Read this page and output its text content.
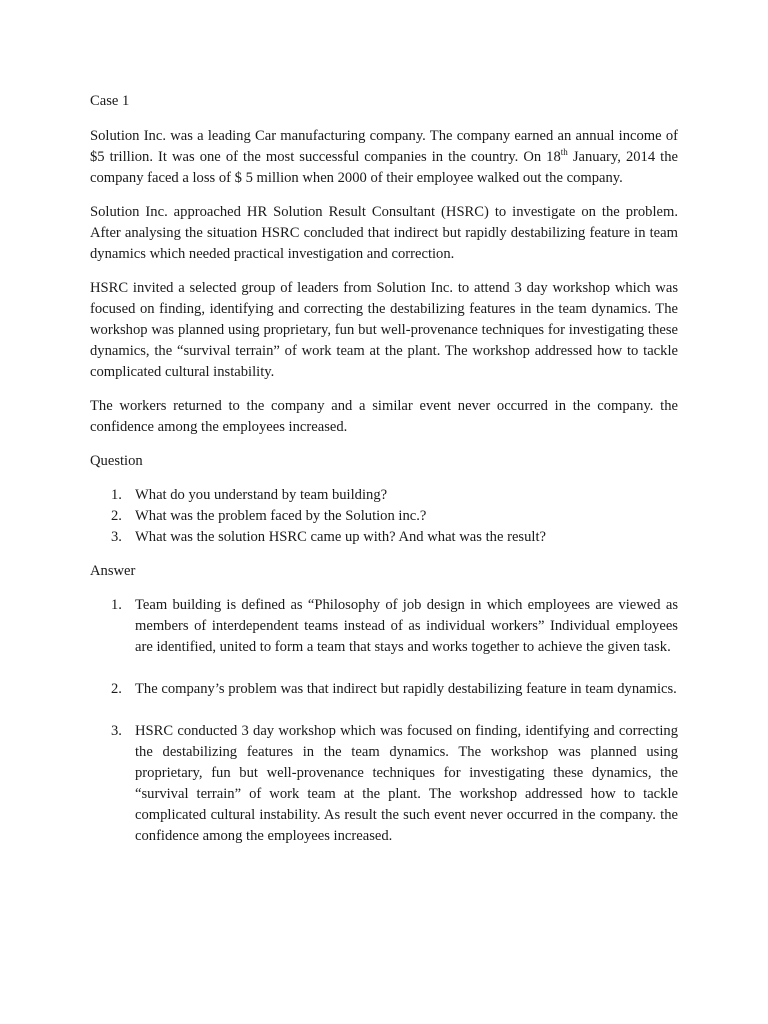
Case 1

Solution Inc. was a leading Car manufacturing company. The company earned an annual income of $5 trillion. It was one of the most successful companies in the country. On 18th January, 2014 the company faced a loss of $ 5 million when 2000 of their employee walked out the company.

Solution Inc. approached HR Solution Result Consultant (HSRC) to investigate on the problem. After analysing the situation HSRC concluded that indirect but rapidly destabilizing feature in team dynamics which needed practical investigation and correction.

HSRC invited a selected group of leaders from Solution Inc. to attend 3 day workshop which was focused on finding, identifying and correcting the destabilizing features in the team dynamics. The workshop was planned using proprietary, fun but well-provenance techniques for investigating these dynamics, the “survival terrain” of work team at the plant. The workshop addressed how to tackle complicated cultural instability.

The workers returned to the company and a similar event never occurred in the company. the confidence among the employees increased.

Question

1. What do you understand by team building?
2. What was the problem faced by the Solution inc.?
3. What was the solution HSRC came up with? And what was the result?

Answer

1. Team building is defined as “Philosophy of job design in which employees are viewed as members of interdependent teams instead of as individual workers” Individual employees are identified, united to form a team that stays and works together to achieve the given task.
2. The company’s problem was that indirect but rapidly destabilizing feature in team dynamics.
3. HSRC conducted 3 day workshop which was focused on finding, identifying and correcting the destabilizing features in the team dynamics. The workshop was planned using proprietary, fun but well-provenance techniques for investigating these dynamics, the “survival terrain” of work team at the plant. The workshop addressed how to tackle complicated cultural instability. As result the such event never occurred in the company. the confidence among the employees increased.
